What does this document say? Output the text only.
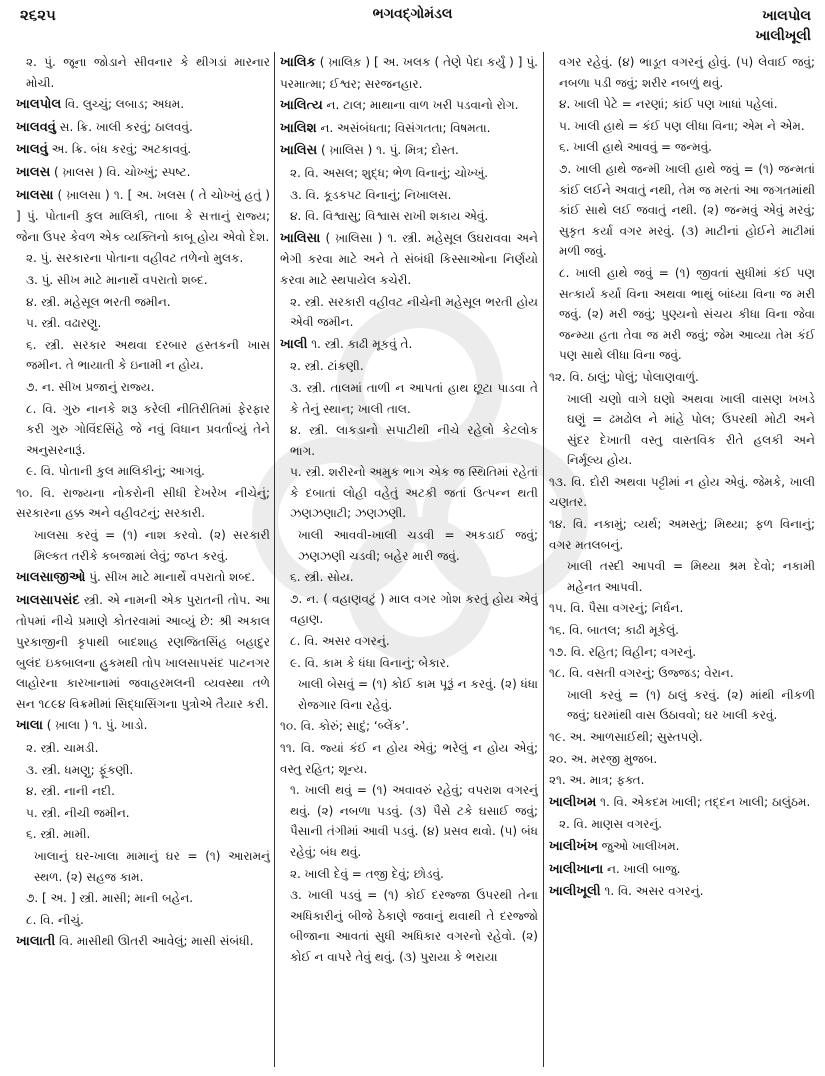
૨૬૨૫	ભગવદ્ગોમંડલ	ખાલપોલ
ખાલીખૂલી
૨. પું. જૂના જોડાને સીવનાર કે થીગડાં મારનાર મોચી.
ખાલપોલ વિ. લુચ્ચું; લબાડ; અધમ.
ખાલવવું સ. ક્રિ. ખાલી કરવું; ઠાલવવું.
ખાલવું અ. ક્રિ. બંધ કરવું; અટકાવવું.
ખાલસ ( ખ઼ાલસ ) વિ. ચોખ્ખું; સ્પષ્ટ.
ખાલસા ( ખ઼ાલસા ) ૧. [ અ. ખલસ ( તે ચોખ્ખું હતું ) ] પું. પોતાની કુલ માલિકી, તાબા કે સત્તાનું રાજ્ય; જેના ઉપર કેવળ એક વ્યક્તિનો કાબૂ હોય એવો દેશ.
૨. પું. સરકારના પોતાના વહીવટ તળેનો મુલક.
૩. પું. સીખ માટે માનાર્થે વપરાતો શબ્દ.
૪. સ્ત્રી. મહેસૂલ ભરતી જમીન.
૫. સ્ત્રી. વઢારણુ.
૬. સ્ત્રી. સરકાર અથવા દરબાર હસ્તકની ખાસ જમીન. તે ભાયાતી કે ઇનામી ન હોય.
૭. ન. સીખ પ્રજાનું રાજ્ય.
૮. વિ. ગુરુ નાનકે શરૂ કરેલી નીતિરીતિમાં ફેરફાર કરી ગુરુ ગોવિંદસિંહે જે નવું વિધાન પ્રવર્તાવ્યું તેને અનુસરનારૂં.
૯. વિ. પોતાની કુલ માલિકીનું; આગવું.
૧૦. વિ. રાજ્યના નોકરોની સીધી દેખરેખ નીચેનું; સરકારના હક્ક અને વહીવટનું; સરકારી.
ખાલસા કરવું = (૧) નાશ કરવો. (૨) સરકારી મિલ્કત તરીકે કબજામાં લેવું; જપ્ત કરવું.
ખાલસાજીઓ પું. સીખ માટે માનાર્થે વપરાતો શબ્દ.
ખાલસાપસંદ સ્ત્રી. એ નામની એક પુરાતની તોપ. આ તોપમાં નીચે પ્રમાણે કોતરવામાં આવ્યું છે: શ્રી અકાલ પુરકાજીની કૃપાથી બાદશાહ રણજિતસિંહ બહાદુર બુલંદ ઇકબાલના હુકમથી તોપ ખાલસાપસંદ પાટનગર લાહોરના કારખાનામાં જવાહરમલની વ્યવસ્થા તળે સન ૧૮૯૪ વિક્રમીમાં સિદ્ધાસિંગના પુત્રોએ તૈયાર કરી.
ખાલા ( ખ઼ાલા ) ૧. પું. ખાડો.
૨. સ્ત્રી. ચામડી.
૩. સ્ત્રી. ધમણુ; ફૂંકણી.
૪. સ્ત્રી. નાની નદી.
૫. સ્ત્રી. નીચી જમીન.
૬. સ્ત્રી. મામી.
ખાલાનું ઘર-ખાલા મામાનું ઘર = (૧) આરામનું સ્થળ. (૨) સહજ કામ.
૭. [ અ. ] સ્ત્રી. માસી; માની બહેન.
૮. વિ. નીચું.
ખાલાતી વિ. માસીથી ઊતરી આવેલું; માસી સંબંધી.
ખાલિક ( ખ઼ાલિક઼ ) [ અ. ખલક ( તેણે પેદા કર્યું ) ] પું. પરમાત્મા; ઈશ્વર; સરજનહાર.
ખાલિત્ય ન. ટાલ; માથાના વાળ ખરી પડવાનો રોગ.
ખાલિશ ન. અસંબંધતા; વિસંગતતા; વિષમતા.
ખાલિસ ( ખ઼ાલિસ ) ૧. પું. મિત્ર; દોસ્ત.
૨. વિ. અસલ; શુદ્ધ; ભેળ વિનાનું; ચોખ્ખું.
૩. વિ. કૂડકપટ વિનાનું; નિખાલસ.
૪. વિ. વિશ્વાસુ; વિશ્વાસ રાખી શકાય એવું.
ખાલિસા ( ખ઼ાલિસા ) ૧. સ્ત્રી. મહેસૂલ ઉઘરાવવા અને ભેગી કરવા માટે અને તે સંબંધી કિસ્સાઓના નિર્ણયો કરવા માટે સ્થપાયેલ કચેરી.
૨. સ્ત્રી. સરકારી વહીવટ નીચેની મહેસૂલ ભરતી હોય એવી જમીન.
ખાલી ૧. સ્ત્રી. કાઢી મૂકવું તે.
૨. સ્ત્રી. ટાંકણી.
૩. સ્ત્રી. તાલમાં તાળી ન આપતાં હાથ છૂટા પાડવા તે કે તેનું સ્થાન; ખાલી તાલ.
૪. સ્ત્રી. લાકડાનો સપાટીથી નીચે રહેલો કેટલોક ભાગ.
૫. સ્ત્રી. શરીરનો અમુક ભાગ એક જ સ્થિતિમાં રહેતાં કે દબાતાં લોહી વહેતું અટકી જતાં ઉત્પન્ન થતી ઝણઝણાટી; ઝણઝણી.
ખાલી આવવી-ખાલી ચડવી = અકડાઈ જવું; ઝણઝણી ચડવી; બહેર મારી જવું.
૬. સ્ત્રી. સોય.
૭. ન. ( વહાણવટું ) માલ વગર ગોશ કરતું હોય એવું વહાણ.
૮. વિ. અસર વગરનું.
૯. વિ. કામ કે ધંધા વિનાનું; બેકાર.
ખાલી બેસવું = (૧) કોઈ કામ પૂરૂં ન કરવું. (૨) ધંધા રોજગાર વિના રહેવું.
૧૦. વિ. કોરું; સાદું; ‘બ્લેંક’.
૧૧. વિ. જ્યાં કંઈ ન હોય એવું; ભરેલું ન હોય એવું; વસ્તુ રહિત; શૂન્ય.
૧. ખાલી થવું = (૧) અવાવરું રહેવું; વપરાશ વગરનું થવું. (૨) નબળા પડવું. (૩) પૈસે ટકે ઘસાઈ જવું; પૈસાની તંગીમાં આવી પડવું. (૪) પ્રસવ થવો. (૫) બંધ રહેવું; બંધ થવું.
૨. ખાલી દેવું = તજી દેવું; છોડવું.
૩. ખાલી પડવું = (૧) કોઈ દરજ્જા ઉપરથી તેના અધિકારીનું બીજે ઠેકાણે જવાનું થવાથી તે દરજ્જો બીજાના આવતાં સુધી અધિકાર વગરનો રહેવો. (૨) કોઈ ન વાપરે તેવું થવું. (૩) પુરાયા કે ભરાયા
વગર રહેવું. (૪) ભાડૂત વગરનું હોવું. (૫) લેવાઈ જવું; નબળા પડી જવું; શરીર નબળું થવું.
૪. ખાલી પેટે = નરણાં; કાંઈ પણ ખાધાં પહેલાં.
૫. ખાલી હાથે = કંઈ પણ લીધા વિના; એમ ને એમ.
૬. ખાલી હાથે આવવું = જન્મવું.
૭. ખાલી હાથે જન્મી ખાલી હાથે જવું = (૧) જન્મતાં કાંઈ લઈને અવાતું નથી, તેમ જ મરતાં આ જગતમાંથી કાંઈ સાથે લઈ જવાતું નથી. (૨) જન્મવું એવું મરવું; સુકૃત કર્યા વગર મરવું. (૩) માટીનાં હોઈને માટીમાં મળી જવું.
૮. ખાલી હાથે જવું = (૧) જીવતાં સુધીમાં કંઈ પણ સત્કાર્ય કર્યા વિના અથવા ભાથું બાંધ્યા વિના જ મરી જવું. (૨) મરી જવું; પુણ્યનો સંચય કીધા વિના જેવા જન્મ્યા હતા તેવા જ મરી જવું; જેમ આવ્યા તેમ કંઈ પણ સાથે લીધા વિના જવું.
૧૨. વિ. ઠાલું; પોલું; પોલાણવાળું.
ખાલી ચણો વાગે ઘણો અથવા ખાલી વાસણ ખખડે ઘણું = ઢમઢોલ ને માંહે પોલ; ઉપરથી મોટી અને સુંદર દેખાતી વસ્તુ વાસ્તવિક રીતે હલકી અને નિર્મૂલ્ય હોય.
૧૩. વિ. દોરી અથવા પટ્ટીમાં ન હોય એવું. જેમકે, ખાલી ચણતર.
૧૪. વિ. નકામું; વ્યર્થ; અમસ્તું; મિથ્યા; ફળ વિનાનું; વગર મતલબનું.
ખાલી તસ્દી આપવી = મિથ્યા શ્રમ દેવો; નકામી મહેનત આપવી.
૧૫. વિ. પૈસા વગરનું; નિર્ધન.
૧૬. વિ. બાતલ; કાઢી મૂકેલું.
૧૭. વિ. રહિત; વિહીન; વગરનું.
૧૮. વિ. વસતી વગરનું; ઉજ્જડ; વેરાન.
ખાલી કરવું = (૧) ઠાલું કરવું. (૨) માંથી નીકળી જવું; ઘરમાંથી વાસ ઉઠાવવો; ઘર ખાલી કરવું.
૧૯. અ. આળસાઈથી; સુસ્તપણે.
૨૦. અ. મરજી મુજબ.
૨૧. અ. માત્ર; ફક્ત.
ખાલીખમ ૧. વિ. એકદમ ખાલી; તદ્દન ખાલી; ઠાલુંઠમ.
૨. વિ. માણસ વગરનું.
ખાલીખંખ જુઓ ખાલીખમ.
ખાલીખાના ન. ખાલી બાજુ.
ખાલીખૂલી ૧. વિ. અસર વગરનું.
